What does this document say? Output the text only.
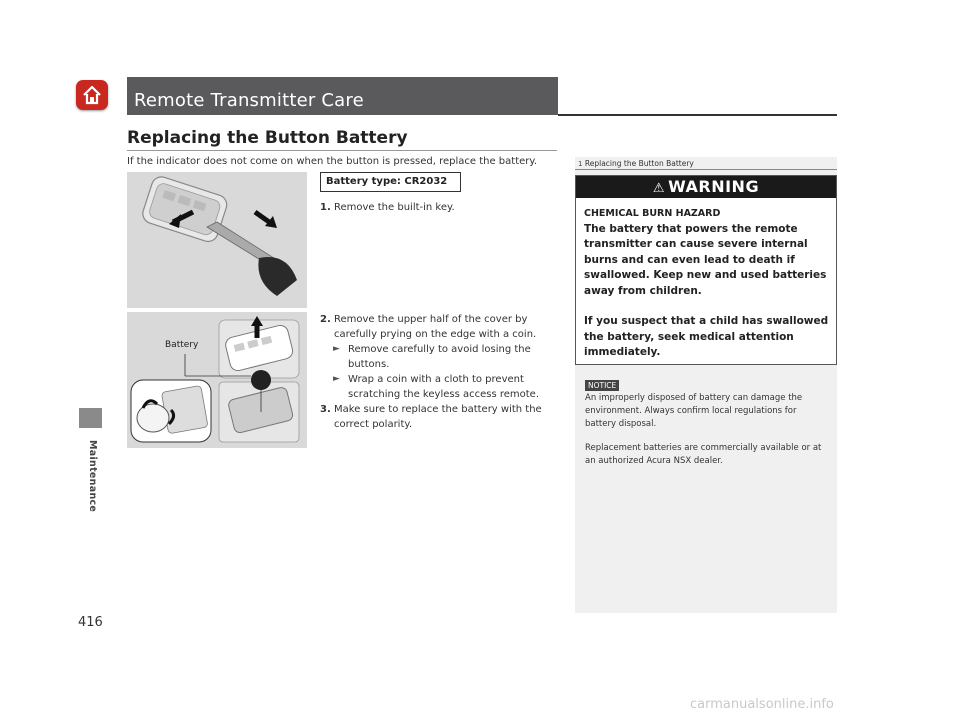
Remote Transmitter Care
Maintenance
Replacing the Button Battery
If the indicator does not come on when the button is pressed, replace the battery.
Battery
Battery type: CR2032
1. Remove the built-in key.
2. Remove the upper half of the cover by carefully prying on the edge with a coin.
► Remove carefully to avoid losing the buttons.
► Wrap a coin with a cloth to prevent scratching the keyless access remote.
3. Make sure to replace the battery with the correct polarity.
1 Replacing the Button Battery
⚠ WARNING
CHEMICAL BURN HAZARD

The battery that powers the remote transmitter can cause severe internal burns and can even lead to death if swallowed. Keep new and used batteries away from children.

If you suspect that a child has swallowed the battery, seek medical attention immediately.

NOTICE

An improperly disposed of battery can damage the environment. Always confirm local regulations for battery disposal.

Replacement batteries are commercially available or at an authorized Acura NSX dealer.

416
carmanualsonline.info
